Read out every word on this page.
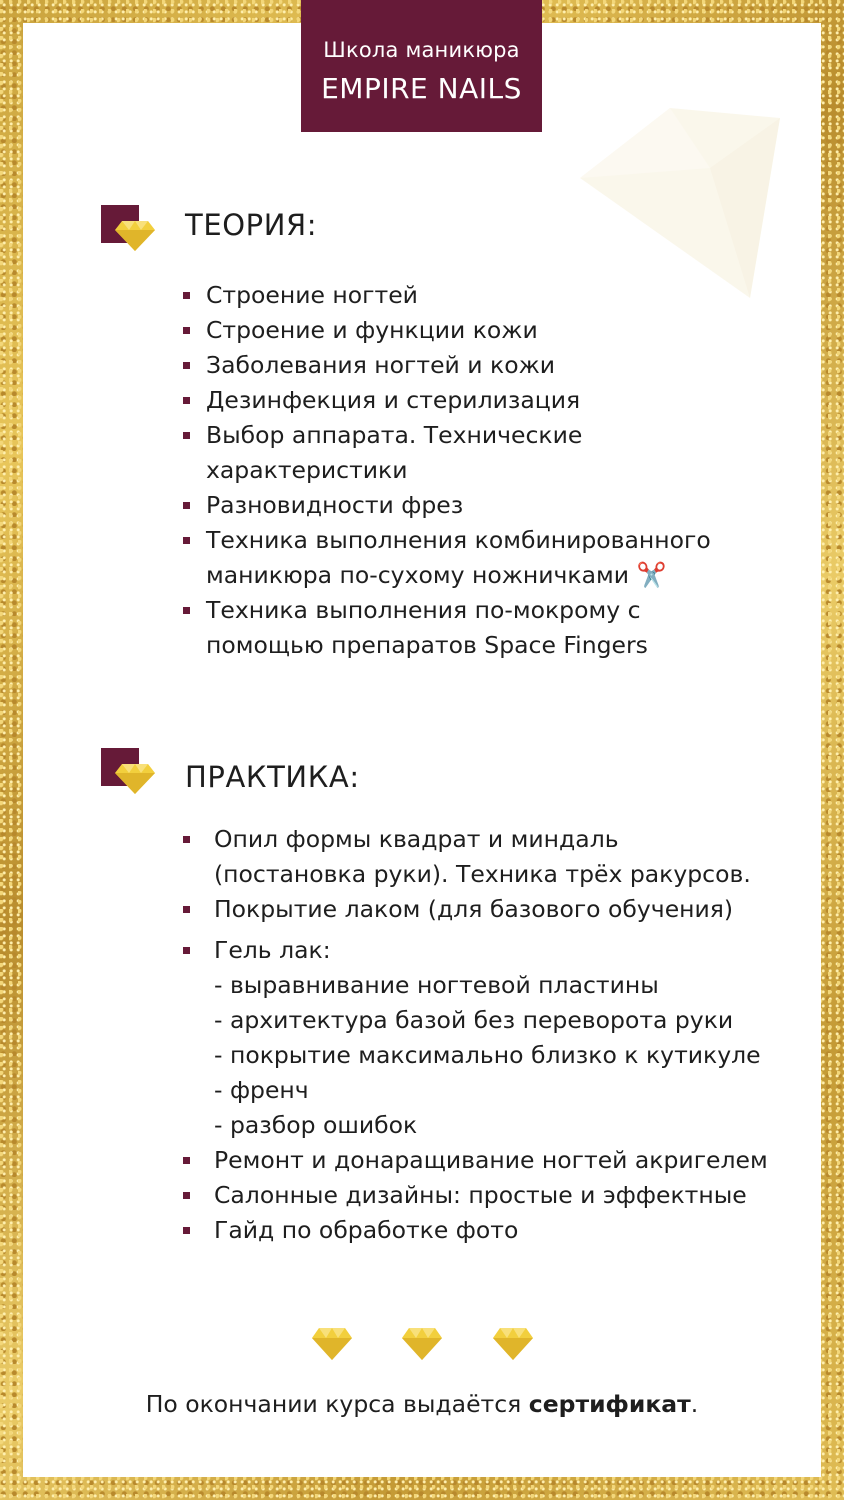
Школа маникюра
EMPIRE NAILS
ТЕОРИЯ:
Строение ногтей
Строение и функции кожи
Заболевания ногтей и кожи
Дезинфекция и стерилизация
Выбор аппарата. Технические характеристики
Разновидности фрез
Техника выполнения комбинированного маникюра по-сухому ножничками ✂️
Техника выполнения по-мокрому с помощью препаратов Space Fingers
ПРАКТИКА:
Опил формы квадрат и миндаль (постановка руки). Техника трёх ракурсов.
Покрытие лаком (для базового обучения)
Гель лак:
- выравнивание ногтевой пластины
- архитектура базой без переворота руки
- покрытие максимально близко к кутикуле
- френч
- разбор ошибок
Ремонт и донаращивание ногтей акригелем
Салонные дизайны: простые и эффектные
Гайд по обработке фото
По окончании курса выдаётся сертификат.
